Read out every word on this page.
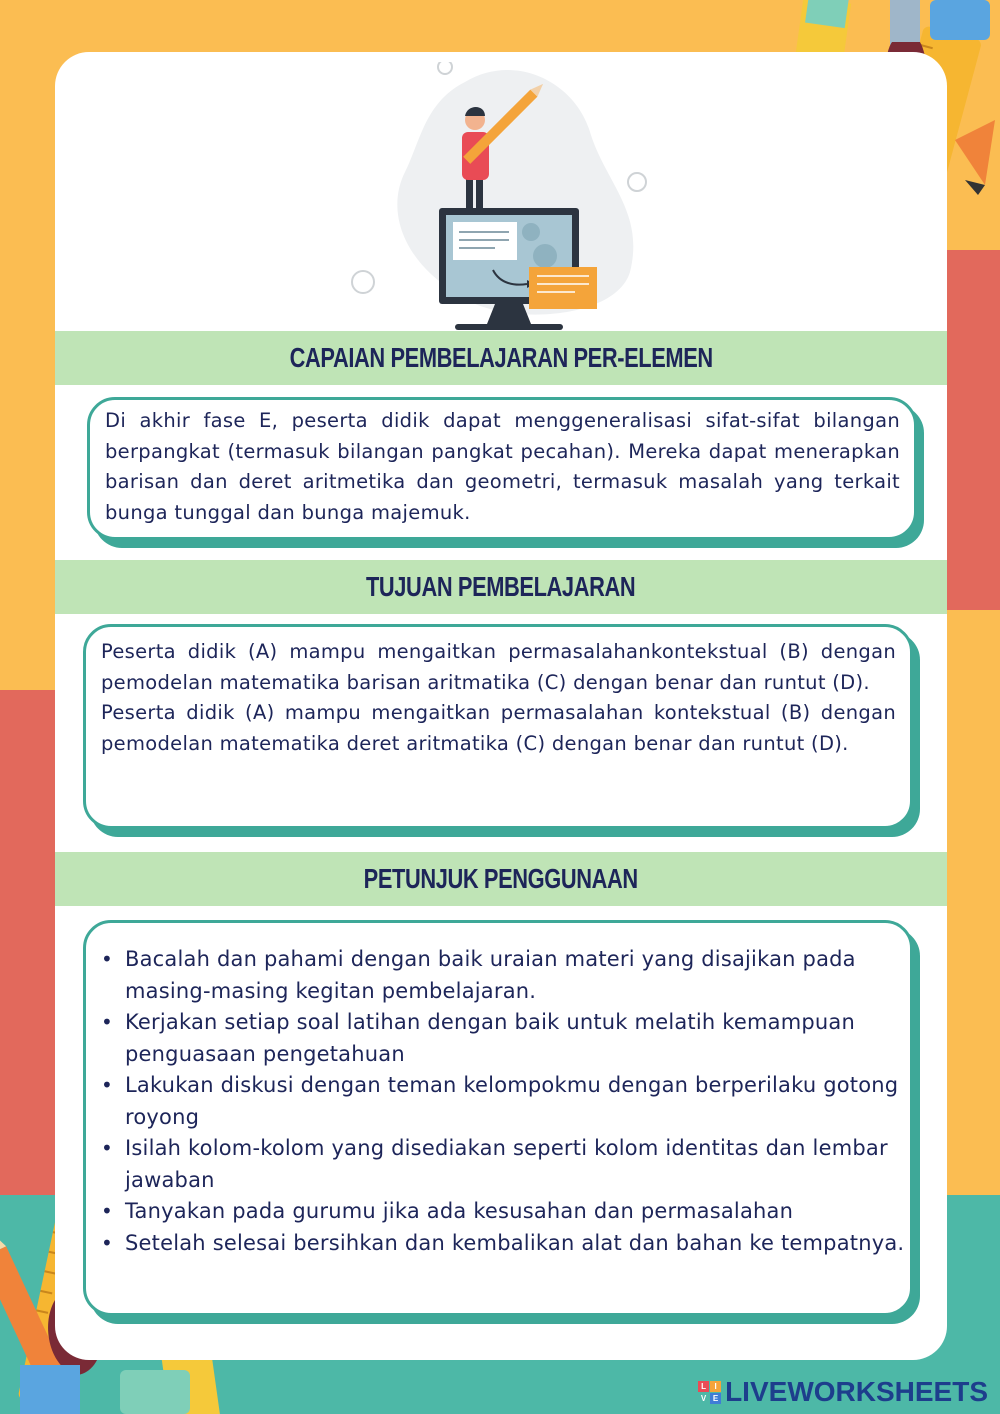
CAPAIAN PEMBELAJARAN PER-ELEMEN

Di akhir fase E, peserta didik dapat menggeneralisasi sifat-sifat bilangan berpangkat (termasuk bilangan pangkat pecahan). Mereka dapat menerapkan barisan dan deret aritmetika dan geometri, termasuk masalah yang terkait bunga tunggal dan bunga majemuk.

TUJUAN PEMBELAJARAN

Peserta didik (A) mampu mengaitkan permasalahankontekstual (B) dengan pemodelan matematika barisan aritmatika (C) dengan benar dan runtut (D).

Peserta didik (A) mampu mengaitkan permasalahan kontekstual (B) dengan pemodelan matematika deret aritmatika (C) dengan benar dan runtut (D).

PETUNJUK PENGGUNAAN
• Bacalah dan pahami dengan baik uraian materi yang disajikan pada masing-masing kegitan pembelajaran.
• Kerjakan setiap soal latihan dengan baik untuk melatih kemampuan penguasaan pengetahuan
• Lakukan diskusi dengan teman kelompokmu dengan berperilaku gotong royong
• Isilah kolom-kolom yang disediakan seperti kolom identitas dan lembar jawaban
• Tanyakan pada gurumu jika ada kesusahan dan permasalahan
• Setelah selesai bersihkan dan kembalikan alat dan bahan ke tempatnya.
L	I
V E LIVEWORKSHEETS
